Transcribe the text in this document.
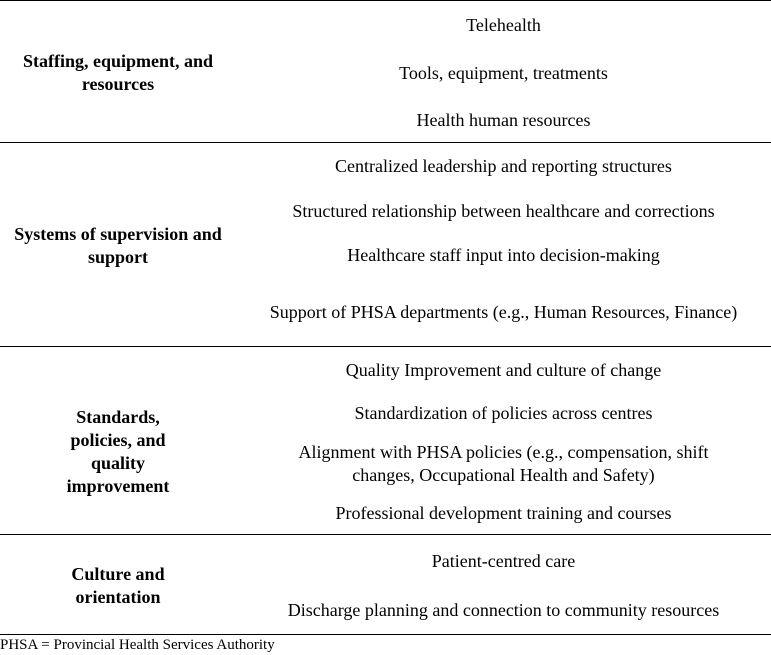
Staffing, equipment, and resources
Telehealth
Tools, equipment, treatments
Health human resources
Systems of supervision and support
Centralized leadership and reporting structures
Structured relationship between healthcare and corrections
Healthcare staff input into decision-making
Support of PHSA departments (e.g., Human Resources, Finance)
Standards, policies, and quality improvement
Quality Improvement and culture of change
Standardization of policies across centres
Alignment with PHSA policies (e.g., compensation, shift changes, Occupational Health and Safety)
Professional development training and courses
Culture and orientation
Patient-centred care
Discharge planning and connection to community resources
PHSA = Provincial Health Services Authority
